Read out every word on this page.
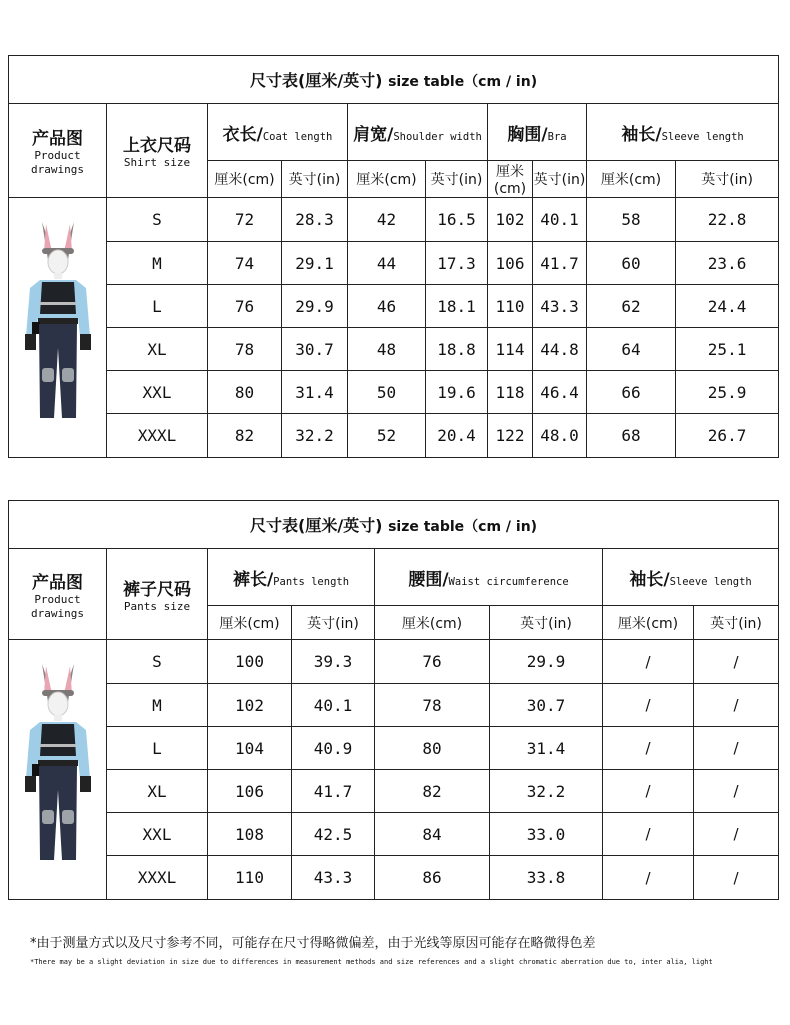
尺寸表(厘米/英寸) size table（cm / in)									
产品图
Product
drawings	上衣尺码
Shirt size	衣长/Coat length		肩宽/Shoulder width		胸围/Bra		袖长/Sleeve length	
		厘米(cm)	英寸(in)	厘米(cm)	英寸(in)	厘米(cm)	英寸(in)	厘米(cm)	英寸(in)

	S	72	28.3	42	16.5	102	40.1	58	22.8
	M	74	29.1	44	17.3	106	41.7	60	23.6
	L	76	29.9	46	18.1	110	43.3	62	24.4
	XL	78	30.7	48	18.8	114	44.8	64	25.1
	XXL	80	31.4	50	19.6	118	46.4	66	25.9
	XXXL	82	32.2	52	20.4	122	48.0	68	26.7
尺寸表(厘米/英寸) size table（cm / in)							
产品图
Product
drawings	裤子尺码
Pants size	裤长/Pants length		腰围/Waist circumference		袖长/Sleeve length	
		厘米(cm)	英寸(in)	厘米(cm)	英寸(in)	厘米(cm)	英寸(in)

	S	100	39.3	76	29.9	/	/
	M	102	40.1	78	30.7	/	/
	L	104	40.9	80	31.4	/	/
	XL	106	41.7	82	32.2	/	/
	XXL	108	42.5	84	33.0	/	/
	XXXL	110	43.3	86	33.8	/	/
*由于测量方式以及尺寸参考不同，可能存在尺寸得略微偏差，由于光线等原因可能存在略微得色差
*There may be a slight deviation in size due to differences in measurement methods and size references and a slight chromatic aberration due to, inter alia, light
